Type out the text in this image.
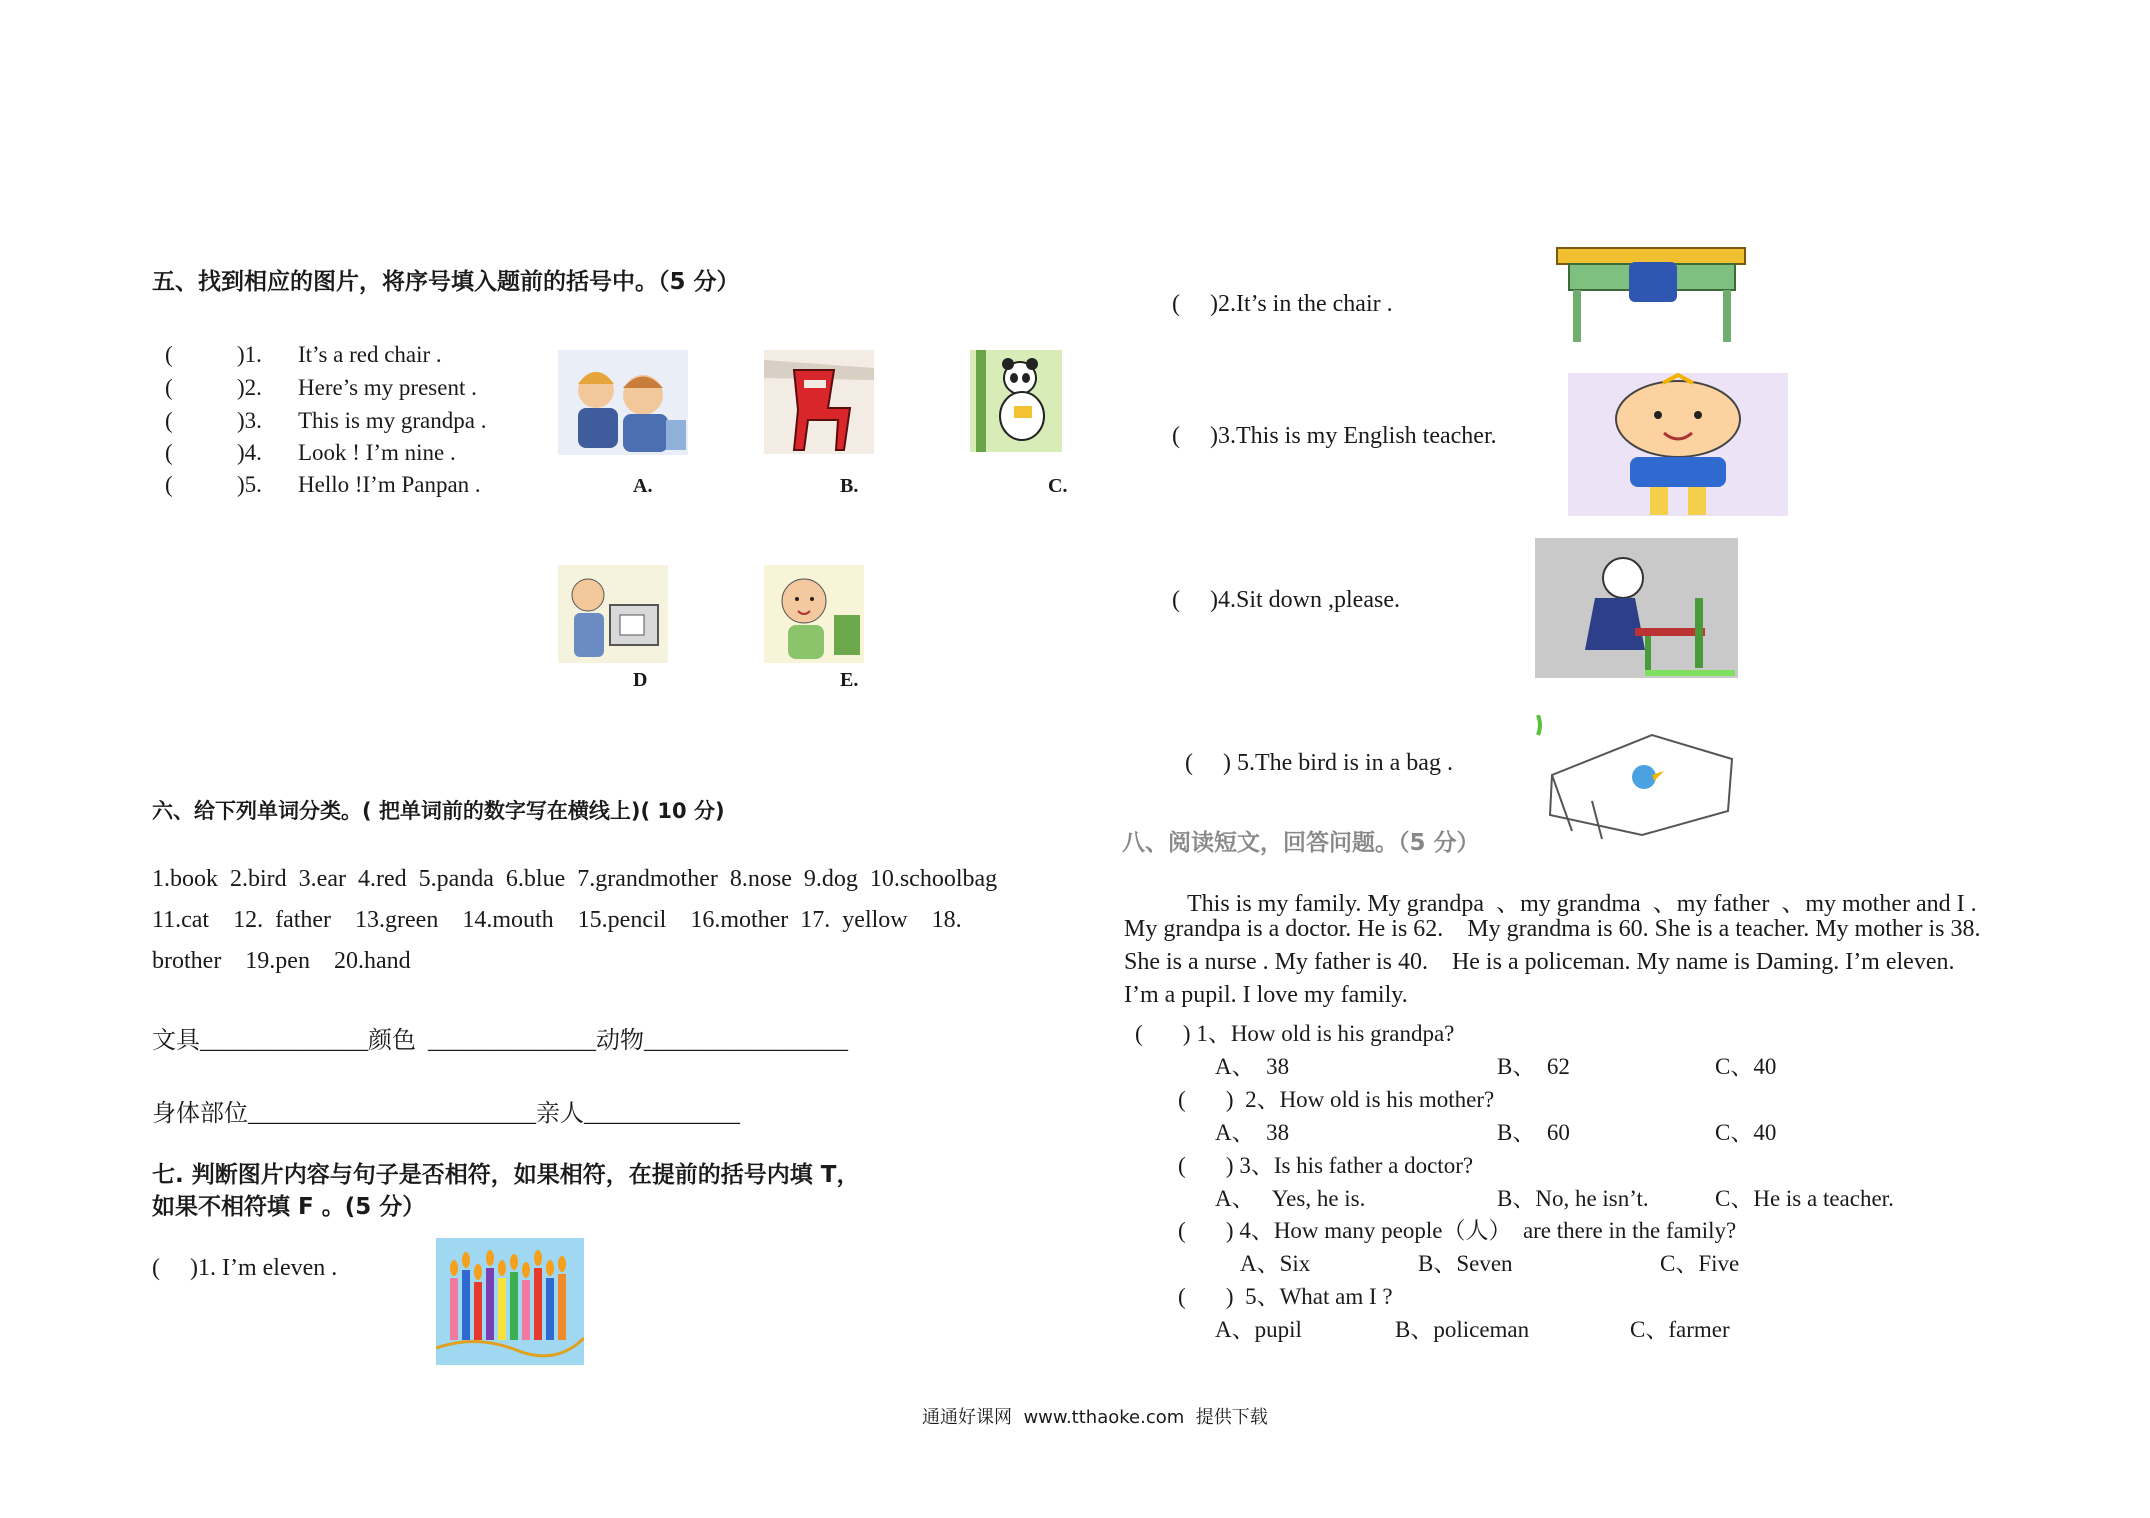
五、找到相应的图片，将序号填入题前的括号中。（5 分）
(	)1. It’s a red chair .
(	)2. Here’s my present .
(	)3. This is my grandpa .
(	)4. Look ! I’m nine .
(	)5. Hello !I’m Panpan .	A.	B.	C.
D	E.
六、给下列单词分类。( 把单词前的数字写在横线上)( 10 分)
1.book  2.bird  3.ear  4.red  5.panda  6.blue  7.grandmother  8.nose  9.dog  10.schoolbag
11.cat    12.  father    13.green    14.mouth    15.pencil    16.mother  17.  yellow    18.
brother    19.pen    20.hand
文具______________颜色  ______________动物_________________
身体部位________________________亲人_____________
七. 判断图片内容与句子是否相符，如果相符，在提前的括号内填 T，
如果不相符填 F 。(5 分）
(     )1. I’m eleven .
(     )2.It’s in the chair .
(     )3.This is my English teacher.
(     )4.Sit down ,please.
(     ) 5.The bird is in a bag .
八、阅读短文，回答问题。（5 分）
This is my family. My grandpa  、my grandma  、my father  、my mother and I .
My grandpa is a doctor. He is 62.    My grandma is 60. She is a teacher. My mother is 38.
She is a nurse . My father is 40.    He is a policeman. My name is Daming. I’m eleven.
I’m a pupil. I love my family.
(       ) 1、How old is his grandpa?
A、  38	B、  62	C、40
(       )  2、How old is his mother?
A、  38	B、  60	C、40
(       ) 3、Is his father a doctor?
A、   Yes, he is.	B、No, he isn’t.	C、He is a teacher.
(       ) 4、How many people（人）  are there in the family?
A、Six	B、Seven	C、Five
(       )  5、What am I ?
A、pupil	B、policeman	C、farmer
通通好课网  www.tthaoke.com  提供下载
